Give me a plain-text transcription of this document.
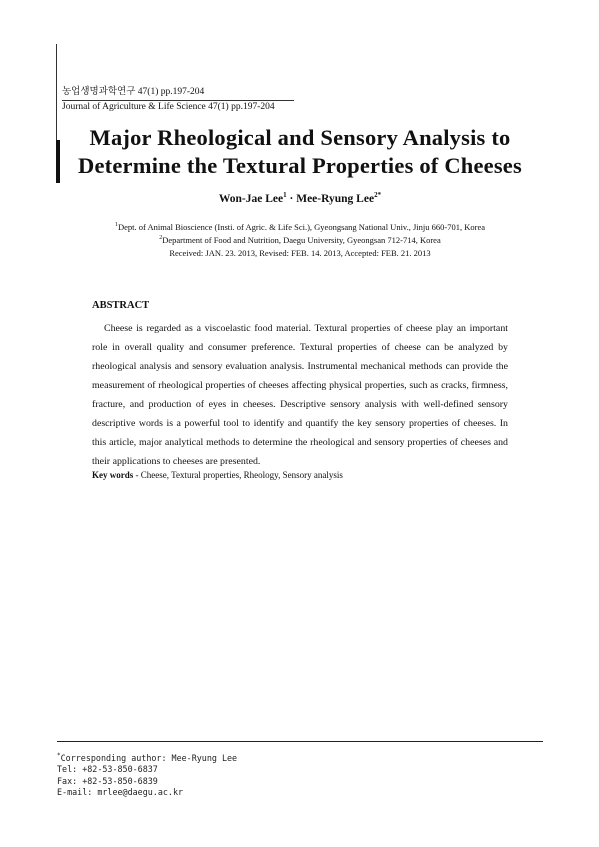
농업생명과학연구 47(1) pp.197-204
Journal of Agriculture & Life Science 47(1) pp.197-204
Major Rheological and Sensory Analysis to
Determine the Textural Properties of Cheeses
Won-Jae Lee$^1$ · Mee-Ryung Lee$^{2*}$
$^1$Dept. of Animal Bioscience (Insti. of Agric. & Life Sci.), Gyeongsang National Univ., Jinju 660-701, Korea
$^2$Department of Food and Nutrition, Daegu University, Gyeongsan 712-714, Korea
Received: JAN. 23. 2013, Revised: FEB. 14. 2013, Accepted: FEB. 21. 2013
ABSTRACT

Cheese is regarded as a viscoelastic food material. Textural properties of cheese play an important role in overall quality and consumer preference. Textural properties of cheese can be analyzed by rheological analysis and sensory evaluation analysis. Instrumental mechanical methods can provide the measurement of rheological properties of cheeses affecting physical properties, such as cracks, firmness, fracture, and production of eyes in cheeses. Descriptive sensory analysis with well-defined sensory descriptive words is a powerful tool to identify and quantify the key sensory properties of cheeses. In this article, major analytical methods to determine the rheological and sensory properties of cheeses and their applications to cheeses are presented.

Key words - Cheese, Textural properties, Rheology, Sensory analysis
*Corresponding author: Mee-Ryung Lee
Tel: +82-53-850-6837
Fax: +82-53-850-6839
E-mail: mrlee@daegu.ac.kr
